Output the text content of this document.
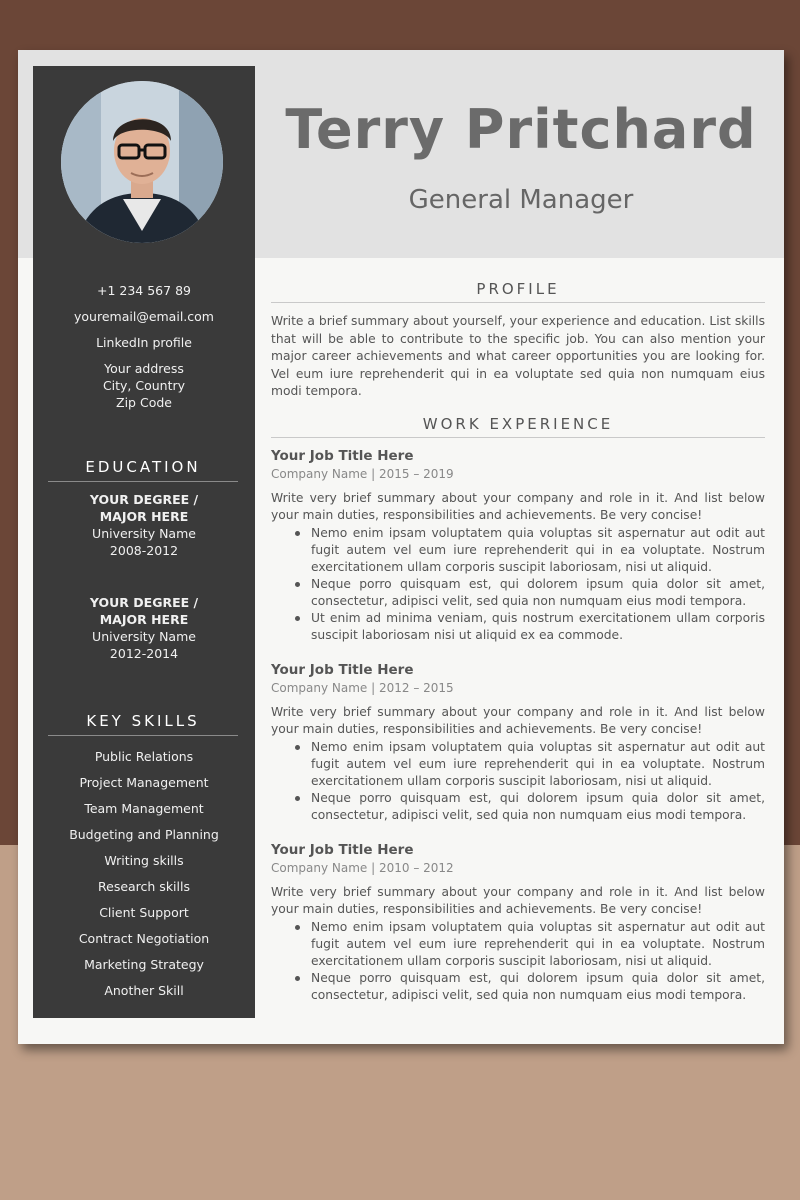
+1 234 567 89
youremail@email.com
LinkedIn profile
Your address
City, Country
Zip Code
EDUCATION
YOUR DEGREE /
MAJOR HERE
University Name
2008-2012
YOUR DEGREE /
MAJOR HERE
University Name
2012-2014
KEY SKILLS
Public Relations
Project Management
Team Management
Budgeting and Planning
Writing skills
Research skills
Client Support
Contract Negotiation
Marketing Strategy
Another Skill
Terry Pritchard
General Manager
PROFILE
Write a brief summary about yourself, your experience and education. List skills that will be able to contribute to the specific job. You can also mention your major career achievements and what career opportunities you are looking for. Vel eum iure reprehenderit qui in ea voluptate sed quia non numquam eius modi tempora.
WORK EXPERIENCE
Your Job Title Here
Company Name | 2015 – 2019
Write very brief summary about your company and role in it. And list below your main duties, responsibilities and achievements. Be very concise!
Nemo enim ipsam voluptatem quia voluptas sit aspernatur aut odit aut fugit autem vel eum iure reprehenderit qui in ea voluptate. Nostrum exercitationem ullam corporis suscipit laboriosam, nisi ut aliquid.
Neque porro quisquam est, qui dolorem ipsum quia dolor sit amet, consectetur, adipisci velit, sed quia non numquam eius modi tempora.
Ut enim ad minima veniam, quis nostrum exercitationem ullam corporis suscipit laboriosam nisi ut aliquid ex ea commode.
Your Job Title Here
Company Name | 2012 – 2015
Write very brief summary about your company and role in it. And list below your main duties, responsibilities and achievements. Be very concise!
Nemo enim ipsam voluptatem quia voluptas sit aspernatur aut odit aut fugit autem vel eum iure reprehenderit qui in ea voluptate. Nostrum exercitationem ullam corporis suscipit laboriosam, nisi ut aliquid.
Neque porro quisquam est, qui dolorem ipsum quia dolor sit amet, consectetur, adipisci velit, sed quia non numquam eius modi tempora.
Your Job Title Here
Company Name | 2010 – 2012
Write very brief summary about your company and role in it. And list below your main duties, responsibilities and achievements. Be very concise!
Nemo enim ipsam voluptatem quia voluptas sit aspernatur aut odit aut fugit autem vel eum iure reprehenderit qui in ea voluptate. Nostrum exercitationem ullam corporis suscipit laboriosam, nisi ut aliquid.
Neque porro quisquam est, qui dolorem ipsum quia dolor sit amet, consectetur, adipisci velit, sed quia non numquam eius modi tempora.
